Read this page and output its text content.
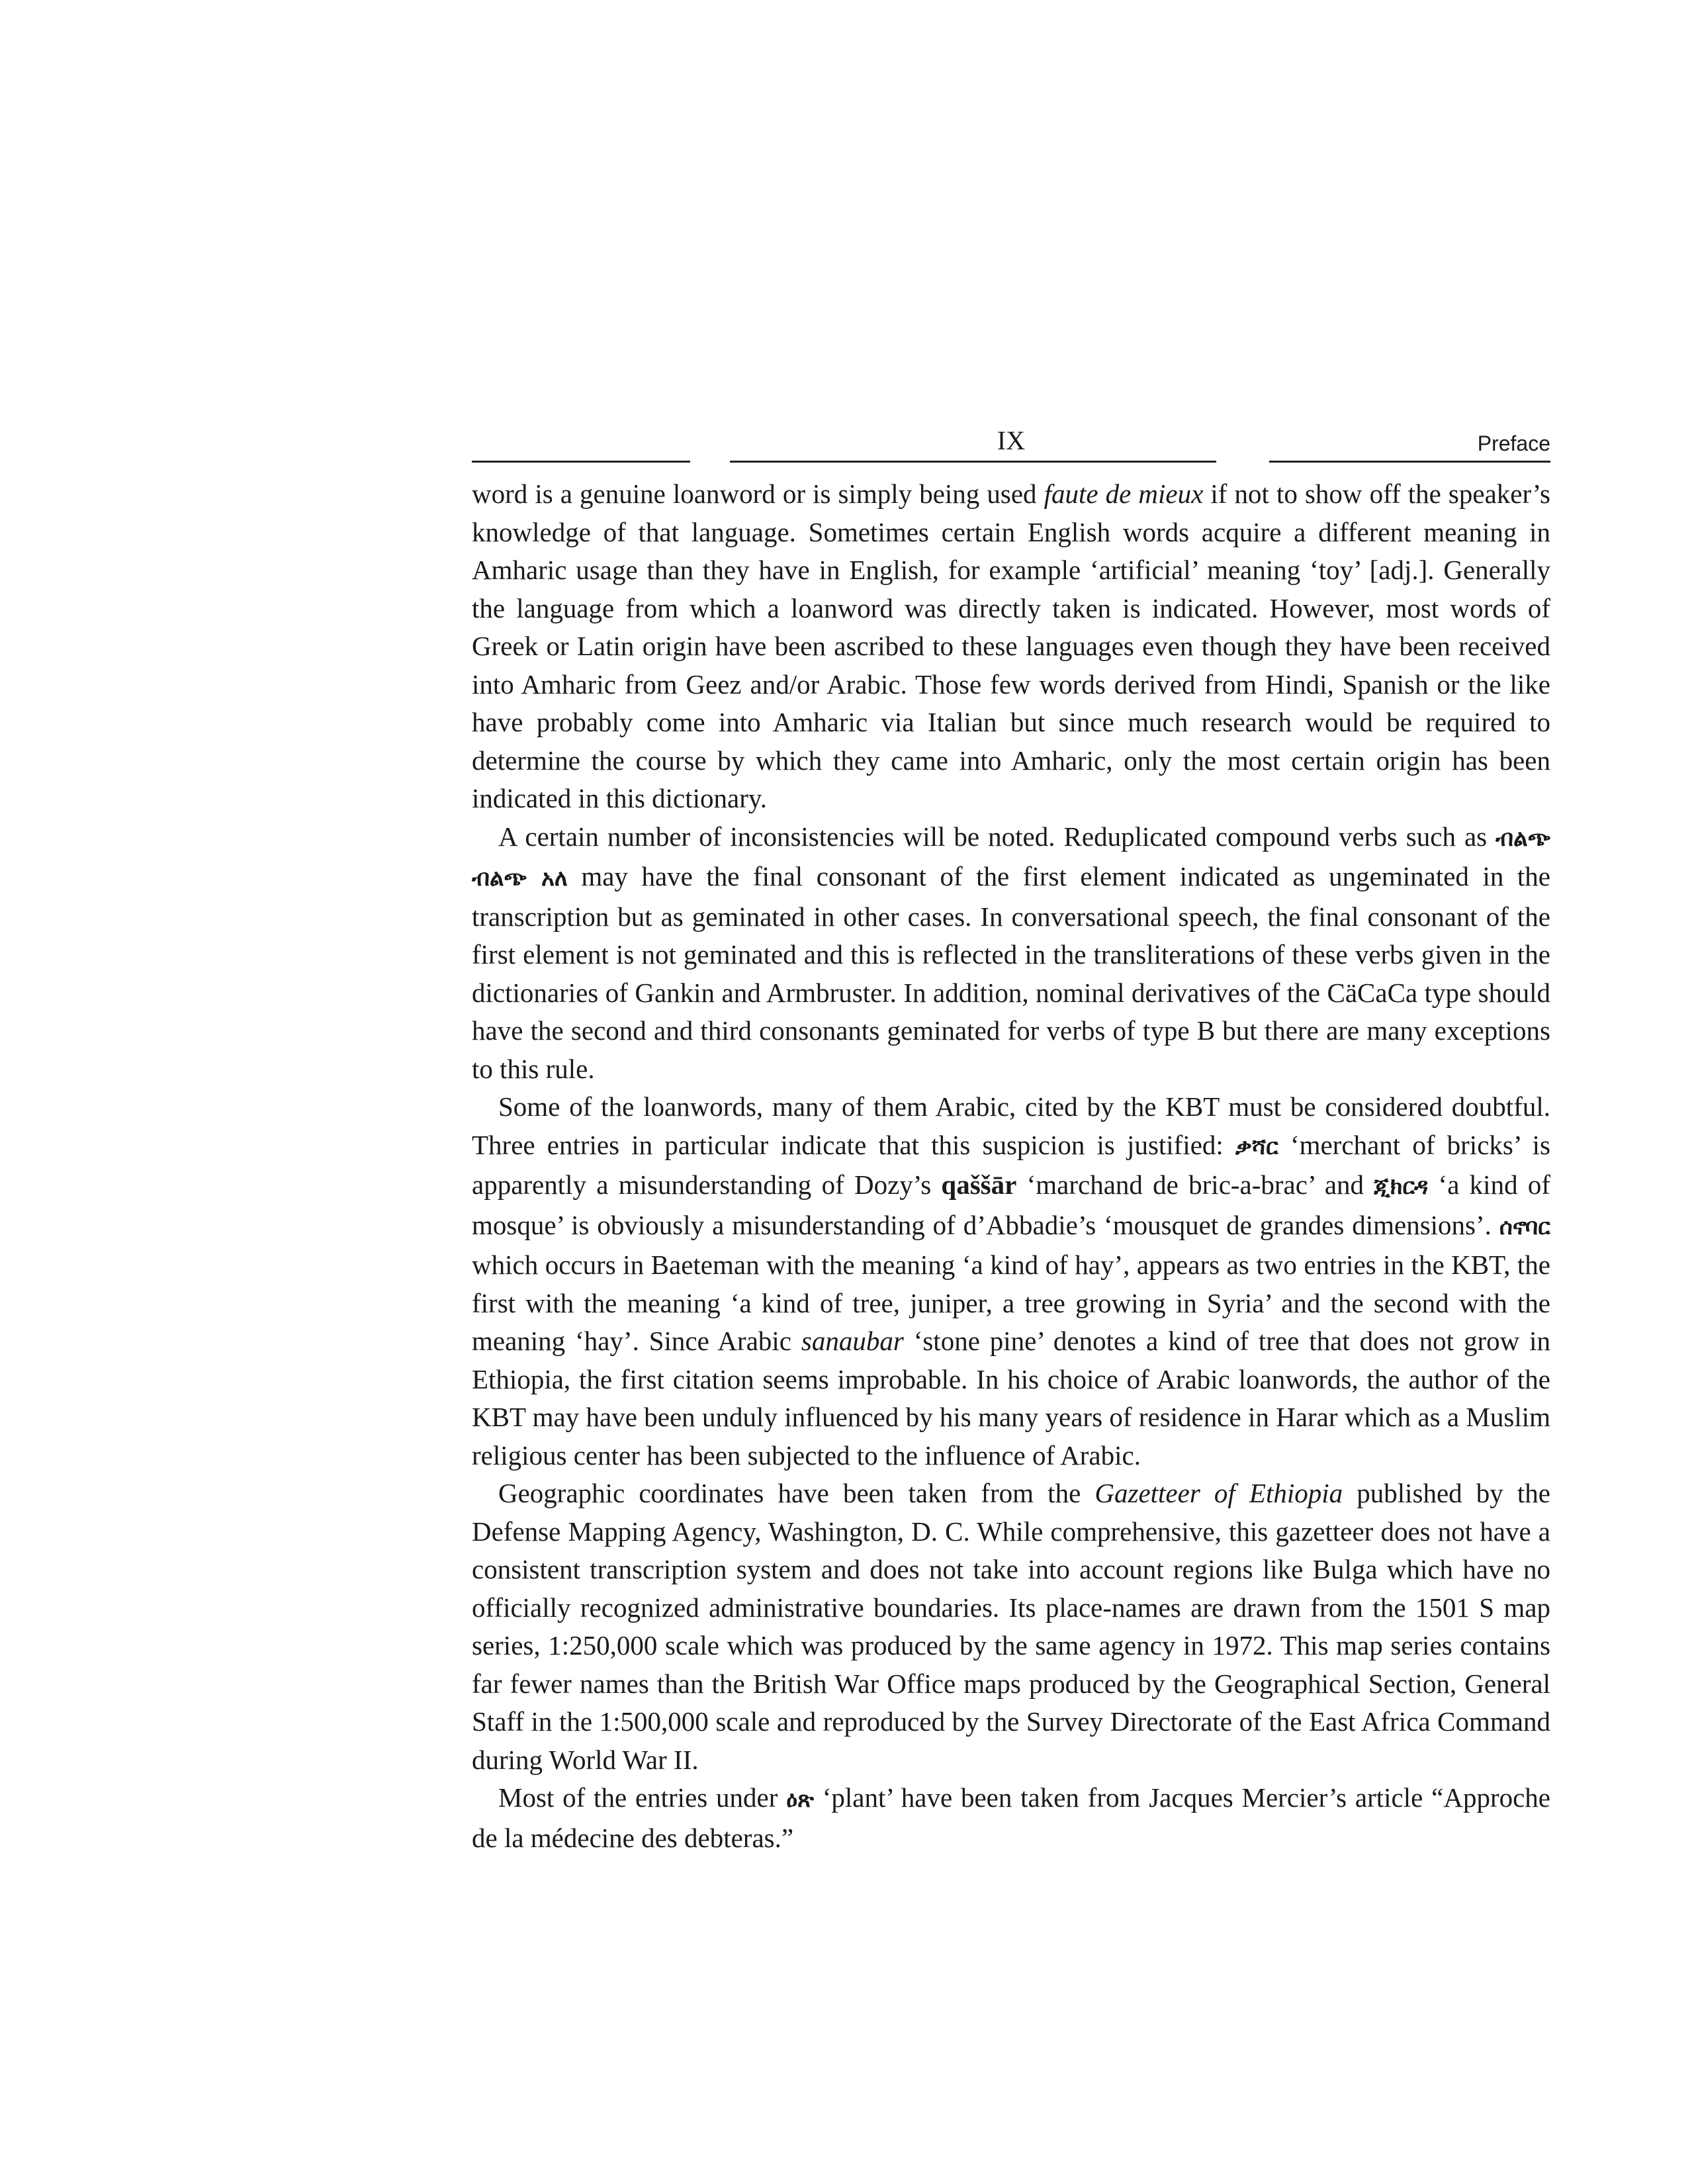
IX	Preface

word is a genuine loanword or is simply being used faute de mieux if not to show off the speaker’s knowledge of that language. Sometimes certain English words acquire a different meaning in Amharic usage than they have in English, for example ‘artificial’ meaning ‘toy’ [adj.]. Generally the language from which a loanword was directly taken is indicated. However, most words of Greek or Latin origin have been ascribed to these languages even though they have been received into Amharic from Geez and/or Arabic. Those few words derived from Hindi, Spanish or the like have probably come into Amharic via Italian but since much research would be required to determine the course by which they came into Amharic, only the most certain origin has been indicated in this dictionary.

A certain number of inconsistencies will be noted. Reduplicated compound verbs such as ብልጭ ብልጭ አለ may have the final consonant of the first element indicated as ungeminated in the transcription but as geminated in other cases. In conversational speech, the final consonant of the first element is not geminated and this is reflected in the transliterations of these verbs given in the dictionaries of Gankin and Armbruster. In addition, nominal derivatives of the CäCaCa type should have the second and third consonants geminated for verbs of type B but there are many exceptions to this rule.

Some of the loanwords, many of them Arabic, cited by the KBT must be considered doubtful. Three entries in particular indicate that this suspicion is justified: ቃሻር ‘merchant of bricks’ is apparently a misunderstanding of Dozy’s qaššār ‘marchand de bric-a-brac’ and ጂክርዳ ‘a kind of mosque’ is obviously a misunderstanding of d’Abbadie’s ‘mousquet de grandes dimensions’. ሰኖባር which occurs in Baeteman with the meaning ‘a kind of hay’, appears as two entries in the KBT, the first with the meaning ‘a kind of tree, juniper, a tree growing in Syria’ and the second with the meaning ‘hay’. Since Arabic sanaubar ‘stone pine’ denotes a kind of tree that does not grow in Ethiopia, the first citation seems improbable. In his choice of Arabic loanwords, the author of the KBT may have been unduly influenced by his many years of residence in Harar which as a Muslim religious center has been subjected to the influence of Arabic.

Geographic coordinates have been taken from the Gazetteer of Ethiopia published by the Defense Mapping Agency, Washington, D. C. While comprehensive, this gazetteer does not have a consistent transcription system and does not take into account regions like Bulga which have no officially recognized administrative boundaries. Its place-names are drawn from the 1501 S map series, 1:250,000 scale which was produced by the same agency in 1972. This map series contains far fewer names than the British War Office maps produced by the Geographical Section, General Staff in the 1:500,000 scale and reproduced by the Survey Directorate of the East Africa Command during World War II.

Most of the entries under ዕጽ ‘plant’ have been taken from Jacques Mercier’s article “Approche de la médecine des debteras.”
